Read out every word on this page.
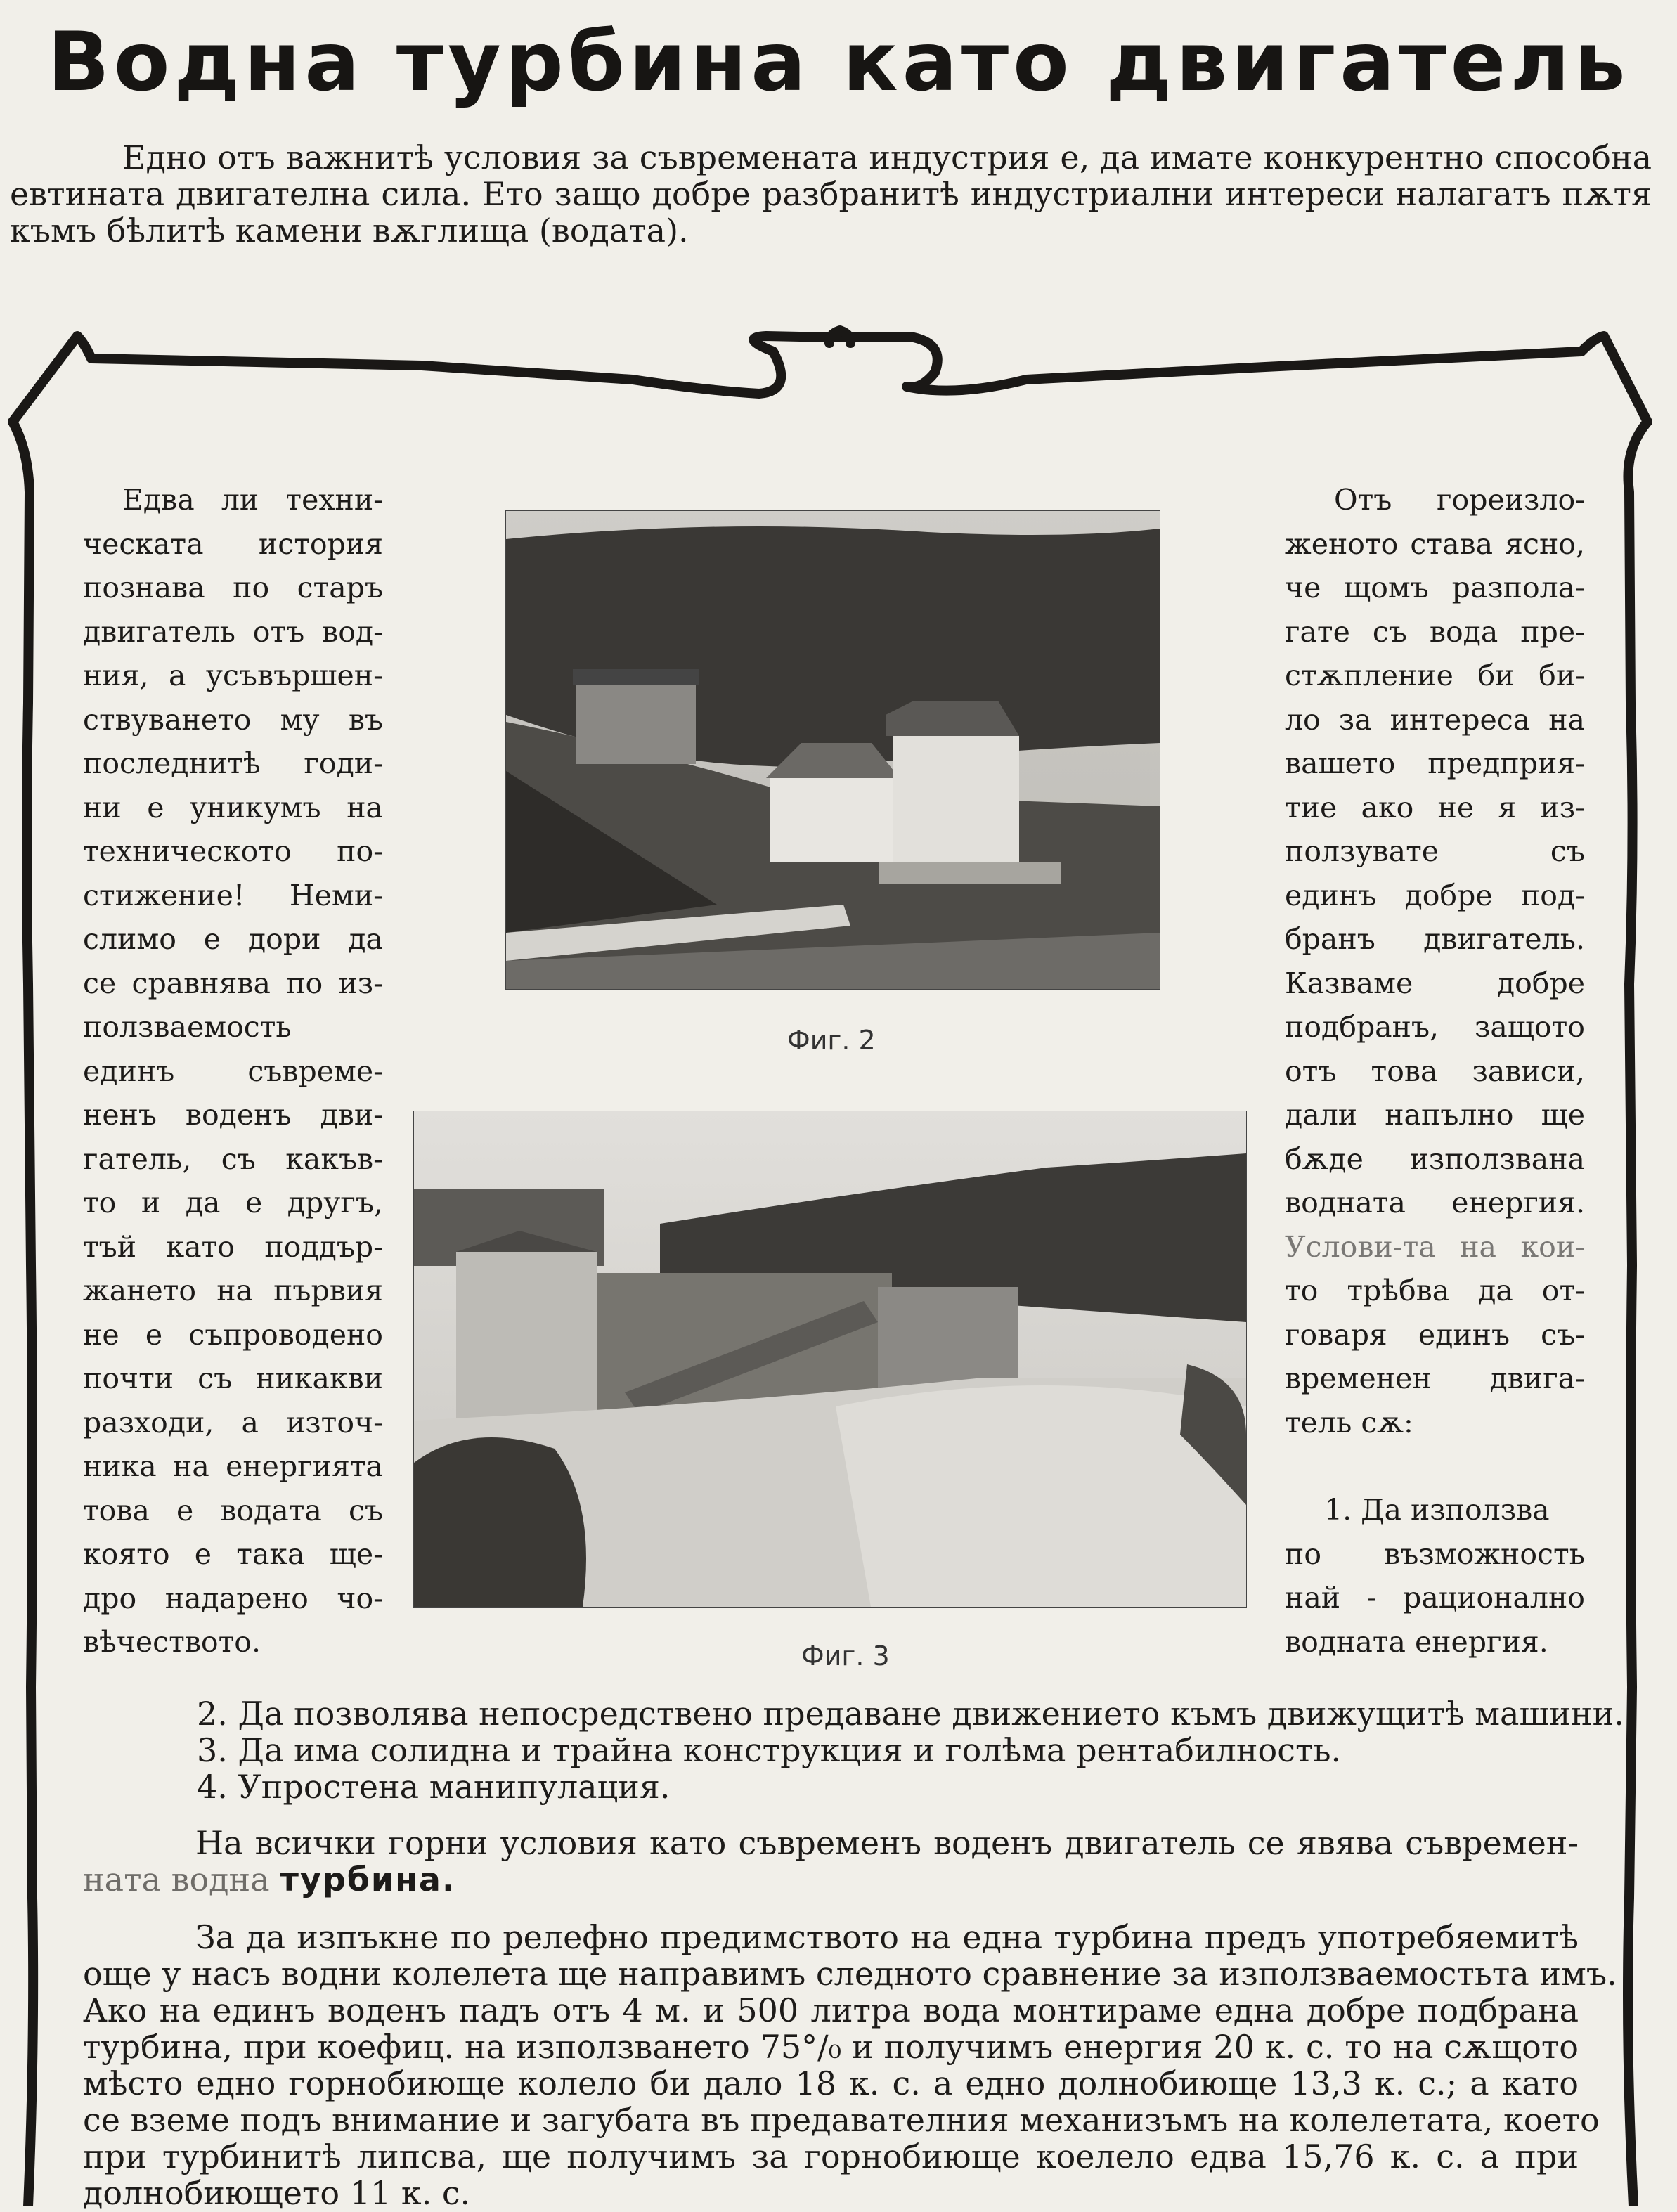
Водна турбина като двигатель
Едно отъ важнитѣ условия за съвремената индустрия е, да имате конкурентно способна
евтината двигателна сила. Ето защо добре разбранитѣ индустриални интереси налагатъ пѫтя
къмъ бѣлитѣ камени вѫглища (водата).
Едва ли техни-
ческата история
познава по старъ
двигатель отъ вод-
ния, а усъвършен-
ствуването му въ
последнитѣ годи-
ни е уникумъ на
техническото по-
стижение! Неми-
слимо е дори да
се сравнява по из-
ползваемость
единъ съвреме-
ненъ воденъ дви-
гатель, съ какъв-
то и да е другъ,
тъй като поддър-
жането на първия
не е съпроводено
почти съ никакви
разходи, а източ-
ника на енергията
това е водата съ
която е така ще-
дро надарено чо-
вѣчеството.
Отъ гореизло-
женото става ясно,
че щомъ разпола-
гате съ вода пре-
стѫпление би би-
ло за интереса на
вашето предприя-
тие ако не я из-
ползувате съ
единъ добре под-
бранъ двигатель.
Казваме добре
подбранъ, защото
отъ това зависи,
дали напълно ще
бѫде използвана
водната енергия.
Услови-та на кои-
то трѣбва да от-
говаря единъ съ-
временен двига-
тель сѫ:
1. Да използва
по възможность
най - рационално
водната енергия.
Фиг. 2
Фиг. 3
2. Да позволява непосредствено предаване движението къмъ движущитѣ машини.
3. Да има солидна и трайна конструкция и голѣма рентабилность.
4. Упростена манипулация.
На всички горни условия като съвременъ воденъ двигатель се явява съвремен-
ната водна турбина.
За да изпъкне по релефно предимството на една турбина предъ употребяемитѣ
още у насъ водни колелета ще направимъ следното сравнение за използваемостьта имъ.
Ако на единъ воденъ падъ отъ 4 м. и 500 литра вода монтираме една добре подбрана
турбина, при коефиц. на използването 75°/₀ и получимъ енергия 20 к. с. то на сѫщото
мѣсто едно горнобиюще колело би дало 18 к. с. а едно долнобиюще 13,3 к. с.; а като
се вземе подъ внимание и загубата въ предавателния механизъмъ на колелетата, което
при турбинитѣ липсва, ще получимъ за горнобиюще коелело едва 15,76 к. с. а при
долнобиющето 11 к. с.
